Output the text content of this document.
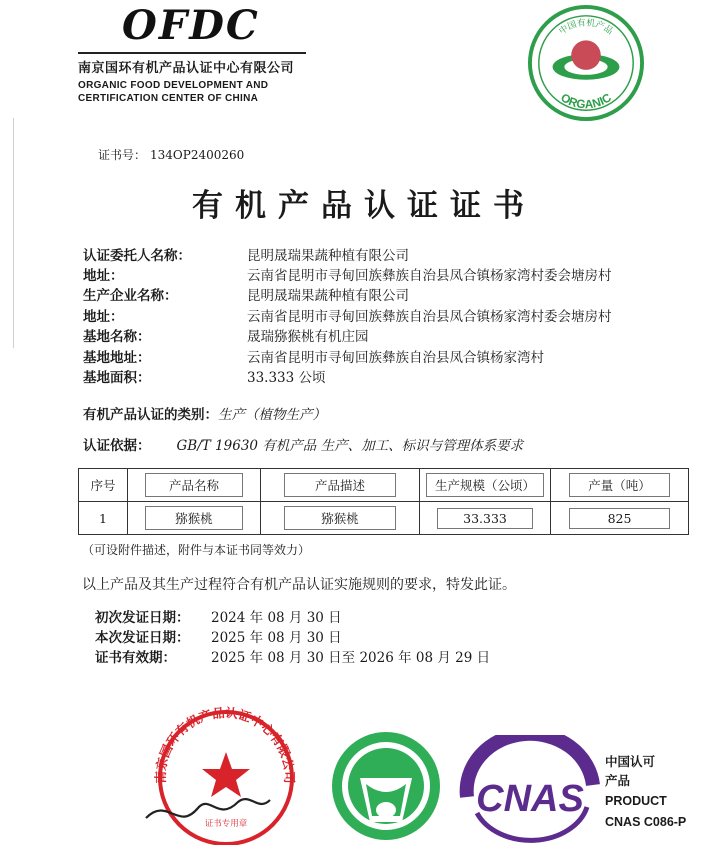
OFDC
南京国环有机产品认证中心有限公司
ORGANIC FOOD DEVELOPMENT AND
CERTIFICATION CENTER OF CHINA
中国有机产品
ORGANIC
证书号： 134OP2400260
有机产品认证证书
认证委托人名称：	昆明晟瑞果蔬种植有限公司
地址：	云南省昆明市寻甸回族彝族自治县凤合镇杨家湾村委会塘房村
生产企业名称：	昆明晟瑞果蔬种植有限公司
地址：	云南省昆明市寻甸回族彝族自治县凤合镇杨家湾村委会塘房村
基地名称：	晟瑞猕猴桃有机庄园
基地地址：	云南省昆明市寻甸回族彝族自治县凤合镇杨家湾村
基地面积：	33.333 公顷
有机产品认证的类别：生产（植物生产）
认证依据： GB/T 19630 有机产品 生产、加工、标识与管理体系要求
序号	产品名称	产品描述	生产规模（公顷）	产量（吨）
1	猕猴桃	猕猴桃	33.333	825
（可设附件描述，附件与本证书同等效力）
以上产品及其生产过程符合有机产品认证实施规则的要求，特发此证。
初次发证日期： 2024 年 08 月 30 日
本次发证日期： 2025 年 08 月 30 日
证书有效期：	2025 年 08 月 30 日至 2026 年 08 月 29 日
南京国环有机产品认证中心有限公司
证书专用章
CNAS
中国认可
产品
PRODUCT
CNAS C086-P
